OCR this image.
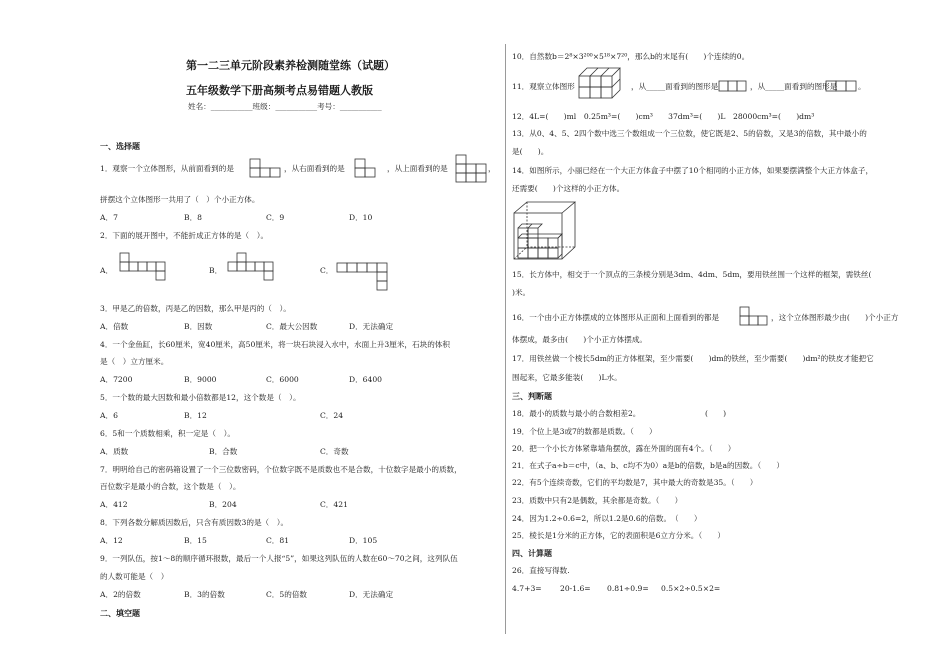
第一二三单元阶段素养检测随堂练（试题）
五年级数学下册高频考点易错题人教版
姓名：___________班级：___________考号：___________
一、选择题
1．观察一个立体图形，从前面看到的是	，从右面看到的是	，从上面看到的是	，
拼摆这个立体图形一共用了（　）个小正方体。
A．7	B．8	C．9	D．10
2．下面的展开图中，不能折成正方体的是（　）。
A．	B．	C．
3．甲是乙的倍数，丙是乙的因数，那么甲是丙的（　）。
A．倍数	B．因数	C．最大公因数	D．无法确定
4．一个金鱼缸，长60厘米，宽40厘米，高50厘米，将一块石块浸入水中，水面上升3厘米，石块的体积
是（　）立方厘米。
A．7200	B．9000	C．6000	D．6400
5．一个数的最大因数和最小倍数都是12，这个数是（　）。
A．6	B．12	C．24
6．5和一个质数相乘，积一定是（　）。
A．质数	B．合数	C．奇数
7．明明给自己的密码箱设置了一个三位数密码，个位数字既不是质数也不是合数，十位数字是最小的质数，
百位数字是最小的合数，这个数是（　）。
A．412	B．204	C．421
8．下列各数分解质因数后，只含有质因数3的是（　）。
A．12	B．15	C．81	D．105
9．一列队伍，按1～8的顺序循环报数，最后一个人报“5”，如果这列队伍的人数在60～70之间，这列队伍
的人数可能是（　）
A．2的倍数	B．3的倍数	C．5的倍数	D．无法确定
二、填空题
10．自然数b＝2⁸×3²⁰⁰×5¹⁸×7²⁰，那么b的末尾有(　　)个连续的0。
11．观察立体图形	，从_____面看到的图形是	，从_____面看到的图形是	。
12．4L=(　　)ml　0.25m³=(　　)cm³　　37dm³=(　　)L　28000cm³=(　　)dm³
13．从0、4、5、2四个数中选三个数组成一个三位数，使它既是2、5的倍数，又是3的倍数，其中最小的
是(　　)。
14．如图所示，小丽已经在一个大正方体盒子中摆了10个相同的小正方体，如果要摆满整个大正方体盒子，
还需要(　　)个这样的小正方体。
15．长方体中，相交于一个顶点的三条棱分别是3dm、4dm、5dm，要用铁丝围一个这样的框架，需铁丝(　　
)米。
16．一个由小正方体摆成的立体图形从正面和上面看到的都是	，这个立体图形最少由(　　)个小正方
体摆成，最多由(　　)个小正方体摆成。
17．用铁丝做一个棱长5dm的正方体框架，至少需要(　　)dm的铁丝，至少需要(　　)dm²的铁皮才能把它
围起来，它最多能装(　　)L水。
三、判断题
18．最小的质数与最小的合数相差2。　　　　　　　　　(　　)
19．个位上是3或7的数都是质数。（　　）
20．把一个小长方体紧靠墙角摆放，露在外面的面有4个。（　　）
21．在式子a÷b＝c中，（a、b、c均不为0）a是b的倍数，b是a的因数。（　　）
22．有5个连续奇数，它们的平均数是7，其中最大的奇数是35。（　　）
23．质数中只有2是偶数，其余都是奇数。（　　）
24．因为1.2÷0.6=2，所以1.2是0.6的倍数。　（　　）
25．棱长是1分米的正方体，它的表面积是6立方分米。（　　）
四、计算题
26．直接写得数.
4.7+3= 20-1.6= 0.81÷0.9= 0.5×2÷0.5×2=
